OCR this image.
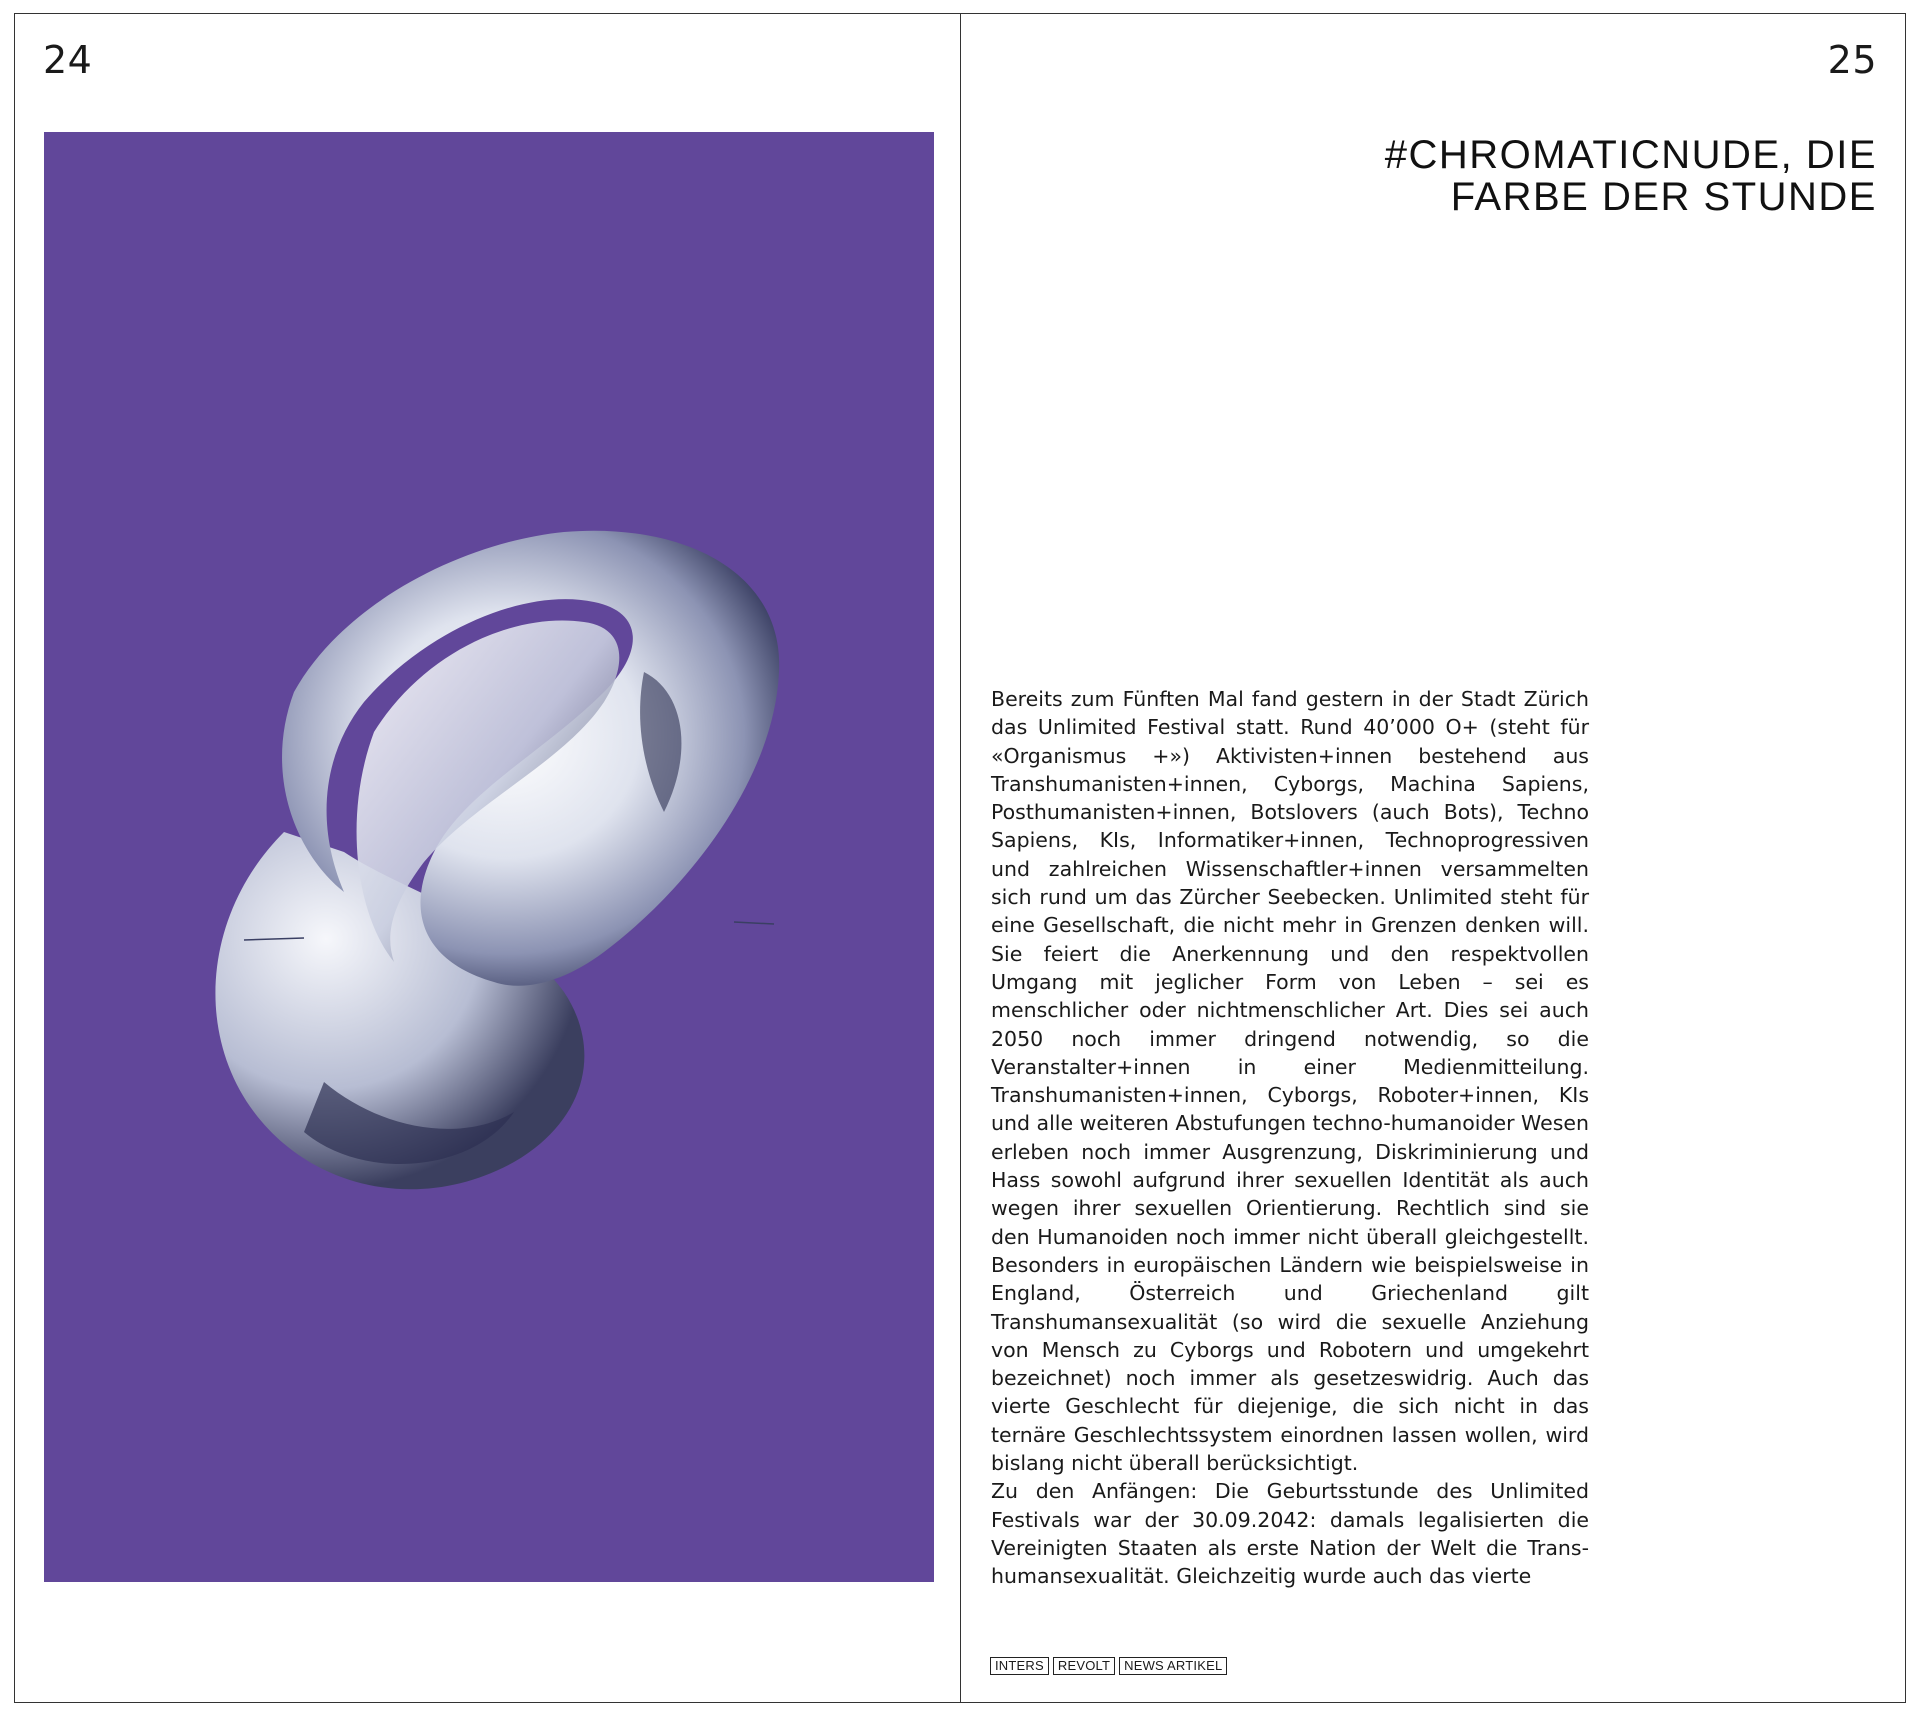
24	25
#CHROMATICNUDE, DIE
FARBE DER STUNDE

Bereits zum Fünften Mal fand gestern in der Stadt Zürich das Unlimited Festival statt. Rund 40’000 O+ (steht für «Organismus +») Aktivisten+innen bestehend aus Transhumanisten+innen, Cyborgs, Machina Sapiens, Posthumanisten+innen, Botslovers (auch Bots), Techno Sapiens, KIs, Informatiker+innen, Technoprogressiven und zahlreichen Wissenschaftler+innen versammelten sich rund um das Zürcher Seebecken. Unlimited steht für eine Gesellschaft, die nicht mehr in Grenzen denken will. Sie feiert die Anerkennung und den respektvollen Umgang mit jeglicher Form von Leben – sei es menschlicher oder nichtmenschlicher Art. Dies sei auch 2050 noch immer dringend notwendig, so die Veranstalter+innen in einer Medienmitteilung. Transhumanisten+innen, Cyborgs, Roboter+innen, KIs und alle weiteren Abstufungen techno-humanoider Wesen erleben noch immer Ausgrenzung, Diskriminierung und Hass sowohl aufgrund ihrer sexuellen Identität als auch wegen ihrer sexuellen Orientierung. Rechtlich sind sie den Humanoiden noch immer nicht überall gleichgestellt. Besonders in europäischen Ländern wie beispielsweise in England, Österreich und Griechenland gilt Transhumansexualität (so wird die sexuelle Anziehung von Mensch zu Cyborgs und Robotern und umgekehrt bezeichnet) noch immer als gesetzeswidrig. Auch das vierte Geschlecht für diejenige, die sich nicht in das ternäre Geschlechtssystem einordnen lassen wollen, wird bislang nicht überall berücksichtigt.

Zu den Anfängen: Die Geburtsstunde des Unlimited Festivals war der 30.09.2042: damals legalisierten die Vereinigten Staaten als erste Nation der Welt die Transhumansexualität. Gleichzeitig wurde auch das vierte

INTERS	REVOLT	NEWS ARTIKEL
